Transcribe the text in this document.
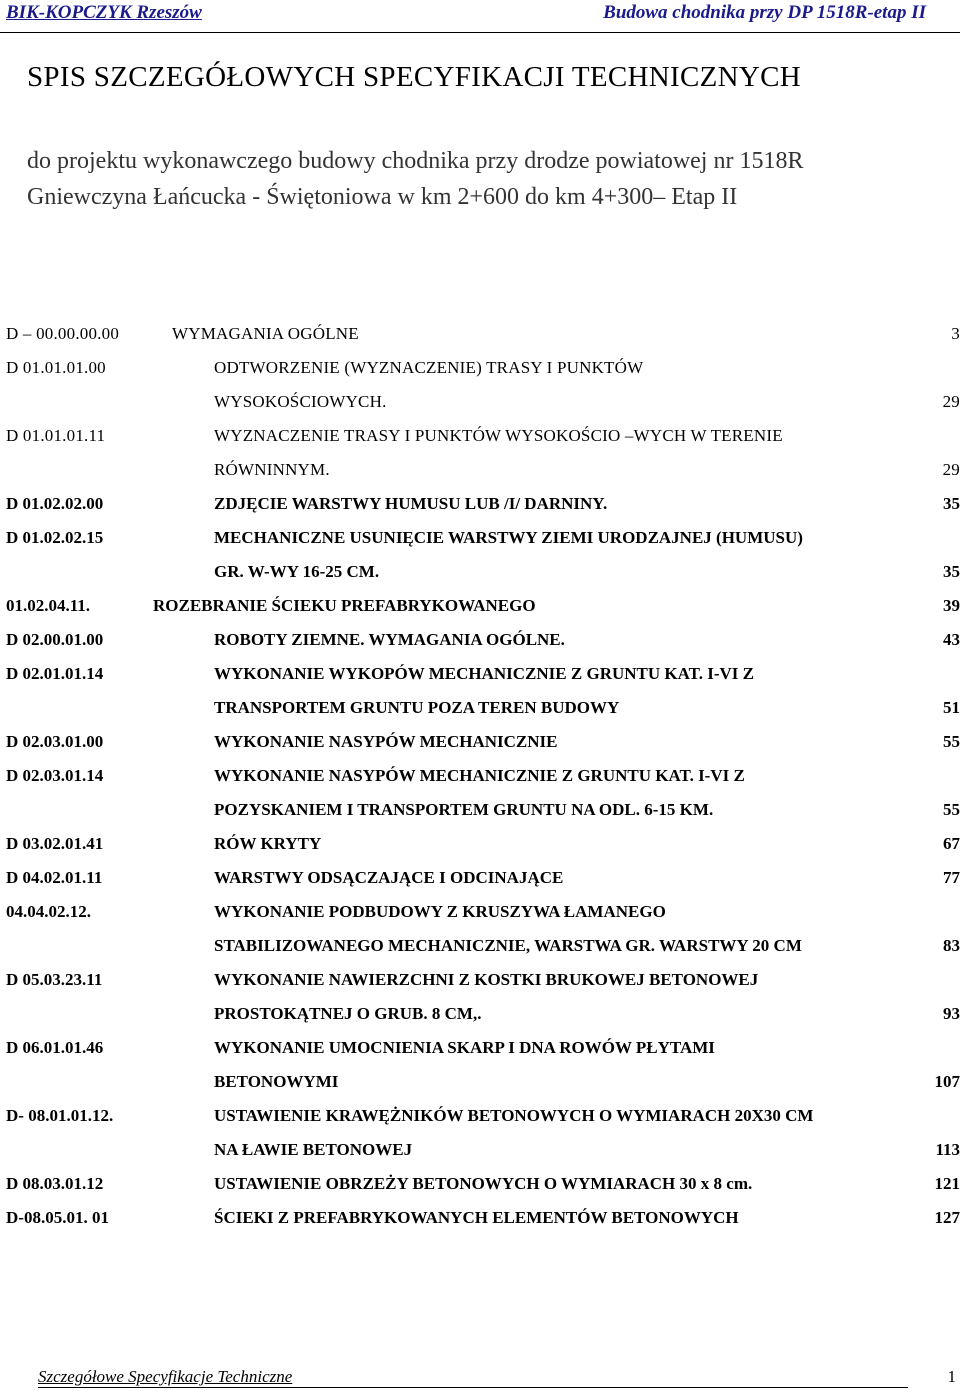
BIK-KOPCZYK Rzeszów	Budowa chodnika przy DP 1518R-etap II
SPIS SZCZEGÓŁOWYCH SPECYFIKACJI TECHNICZNYCH
do projektu wykonawczego budowy chodnika przy drodze powiatowej nr 1518R
Gniewczyna Łańcucka - Świętoniowa w km 2+600 do km 4+300– Etap II
D – 00.00.00.00	WYMAGANIA OGÓLNE	3
D 01.01.01.00	ODTWORZENIE (WYZNACZENIE) TRASY I PUNKTÓW
WYSOKOŚCIOWYCH.	29
D 01.01.01.11	WYZNACZENIE TRASY I PUNKTÓW WYSOKOŚCIO –WYCH W TERENIE
RÓWNINNYM.	29
D 01.02.02.00	ZDJĘCIE WARSTWY HUMUSU LUB /I/ DARNINY.	35
D 01.02.02.15	MECHANICZNE USUNIĘCIE WARSTWY ZIEMI URODZAJNEJ (HUMUSU)
GR. W-WY 16-25 CM.	35
01.02.04.11.	ROZEBRANIE ŚCIEKU PREFABRYKOWANEGO	39
D 02.00.01.00	ROBOTY ZIEMNE. WYMAGANIA OGÓLNE.	43
D 02.01.01.14	WYKONANIE WYKOPÓW MECHANICZNIE Z GRUNTU KAT. I-VI Z
TRANSPORTEM GRUNTU POZA TEREN BUDOWY	51
D 02.03.01.00	WYKONANIE NASYPÓW MECHANICZNIE	55
D 02.03.01.14	WYKONANIE NASYPÓW MECHANICZNIE Z GRUNTU KAT. I-VI Z
POZYSKANIEM I TRANSPORTEM GRUNTU NA ODL. 6-15 KM.	55
D 03.02.01.41	RÓW KRYTY	67
D 04.02.01.11	WARSTWY ODSĄCZAJĄCE I ODCINAJĄCE	77
04.04.02.12.	WYKONANIE PODBUDOWY Z KRUSZYWA ŁAMANEGO
STABILIZOWANEGO MECHANICZNIE, WARSTWA GR. WARSTWY 20 CM	83
D 05.03.23.11	WYKONANIE NAWIERZCHNI Z KOSTKI BRUKOWEJ BETONOWEJ
PROSTOKĄTNEJ O GRUB. 8 CM,.	93
D 06.01.01.46	WYKONANIE UMOCNIENIA SKARP I DNA ROWÓW PŁYTAMI
BETONOWYMI	107
D- 08.01.01.12.	USTAWIENIE KRAWĘŻNIKÓW BETONOWYCH O WYMIARACH 20X30 CM
NA ŁAWIE BETONOWEJ	113
D 08.03.01.12	USTAWIENIE OBRZEŻY BETONOWYCH O WYMIARACH 30 x 8 cm.	121
D-08.05.01. 01	ŚCIEKI Z PREFABRYKOWANYCH ELEMENTÓW BETONOWYCH	127
Szczegółowe Specyfikacje Techniczne	1
